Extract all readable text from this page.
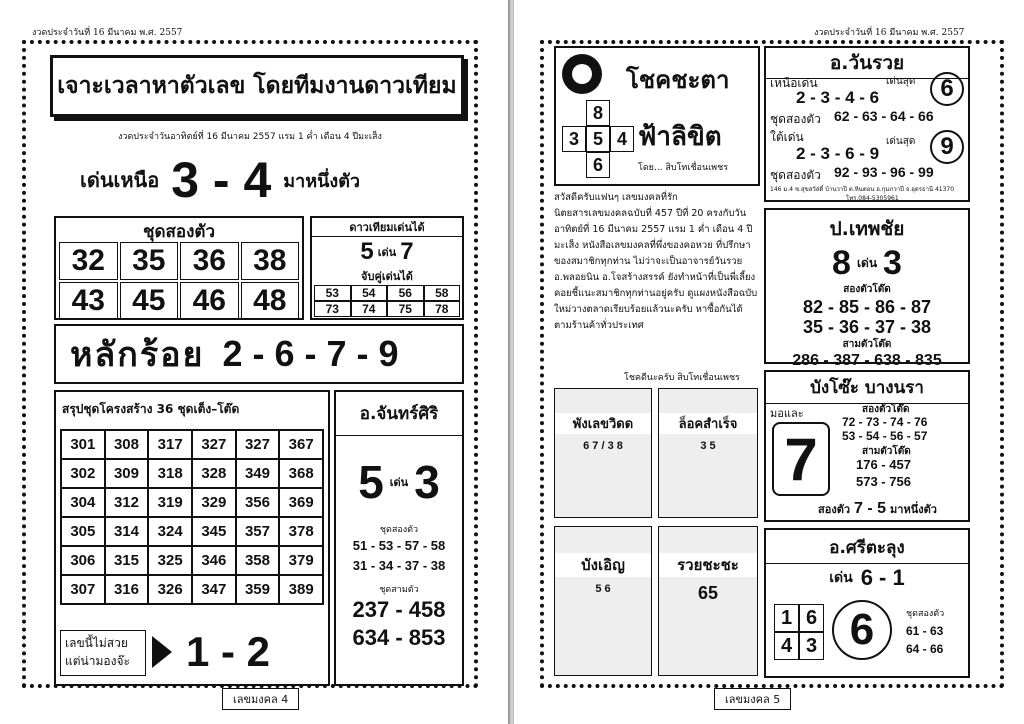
งวดประจำวันที่ 16 มีนาคม พ.ศ. 2557
เจาะเวลาหาตัวเลข โดยทีมงานดาวเทียม
งวดประจำวันอาทิตย์ที่ 16 มีนาคม 2557 แรม 1 ค่ำ เดือน 4 ปีมะเส็ง
เด่นเหนือ 3 - 4 มาหนึ่งตัว
ชุดสองตัว
32 35 36 38
43 45 46 48
ดาวเทียมเด่นได้
5 เด่น 7
จับคู่เด่นได้
53	54	56	58
73	74	75	78
หลักร้อย 2 - 6 - 7 - 9
สรุปชุดโครงสร้าง 36 ชุดเต็ง–โต๊ด
301	308	317	327	327	367
302	309	318	328	349	368
304	312	319	329	356	369
305	314	324	345	357	378
306	315	325	346	358	379
307	316	326	347	359	389
เลขนี้ไม่สวย แต่น่ามองจ๊ะ	1 - 2
อ.จันทร์ศิริ
5 เด่น 3
ชุดสองตัว
51 - 53 - 57 - 58
31 - 34 - 37 - 38
ชุดสามตัว
237 - 458
634 - 853
เลขมงคล 4
งวดประจำวันที่ 16 มีนาคม พ.ศ. 2557
โชคชะตา
8
3 5 4
6
ฟ้าลิขิต
โดย... สิบโทเชื่อนเพชร
สวัสดีครับแฟนๆ เลขมงคลที่รัก
นิตยสารเลขมงคลฉบับที่ 457 ปีที่ 20 ครงกับวันอาทิตย์ที่ 16 มีนาคม 2557 แรม 1 ค่ำ เดือน 4 ปีมะเส็ง หนังสือเลขมงคลที่พึ่งของคอหวย ที่ปรึกษาของสมาชิกทุกท่าน ไม่ว่าจะเป็นอาจารย์วันรวย อ.พลอยนิน อ.โจสร้างสรรค์ ยังทำหน้าที่เป็นพี่เลี้ยง คอยชี้แนะสมาชิกทุกท่านอยู่ครับ ดูแผงหนังสือฉบับใหม่วางตลาดเรียบร้อยแล้วนะครับ หาซื้อกันได้ตามร้านค้าทั่วประเทศ
โชคดีนะครับ สิบโทเชื่อนเพชร
พังเลขวิดด
6 7 / 3 8
ล็อคสำเร็จ
3 5
บังเอิญ
5 6
รวยชะชะ
65
อ.วันรวย
เหนือเด่น	เด่นสุด	6
2 - 3 - 4 - 6
ชุดสองตัว 62 - 63 - 64 - 66
ใต้เด่น	เด่นสุด	9
2 - 3 - 6 - 9
ชุดสองตัว 92 - 93 - 96 - 99
146 ม.4 ซ.สุขสวัสดิ์ บ้านวาปี ต.หินตอน อ.กุมภวาปี จ.อุดรธานี 41370
โทร.084-5305961
ป.เทพชัย
8 เด่น 3
สองตัวโต๊ด
82 - 85 - 86 - 87
35 - 36 - 37 - 38
สามตัวโต๊ด
286 - 387 - 638 - 835
บังโซ๊ะ บางนรา
มอและ
7
สองตัวโต๊ด
72 - 73 - 74 - 76
53 - 54 - 56 - 57
สามตัวโต๊ด
176 - 457
573 - 756
สองตัว 7 - 5 มาหนึ่งตัว
อ.ศรีตะลุง
เด่น 6 - 1
1 6
4 3 6	ชุดสองตัว
61 - 63
64 - 66
เลขมงคล 5
